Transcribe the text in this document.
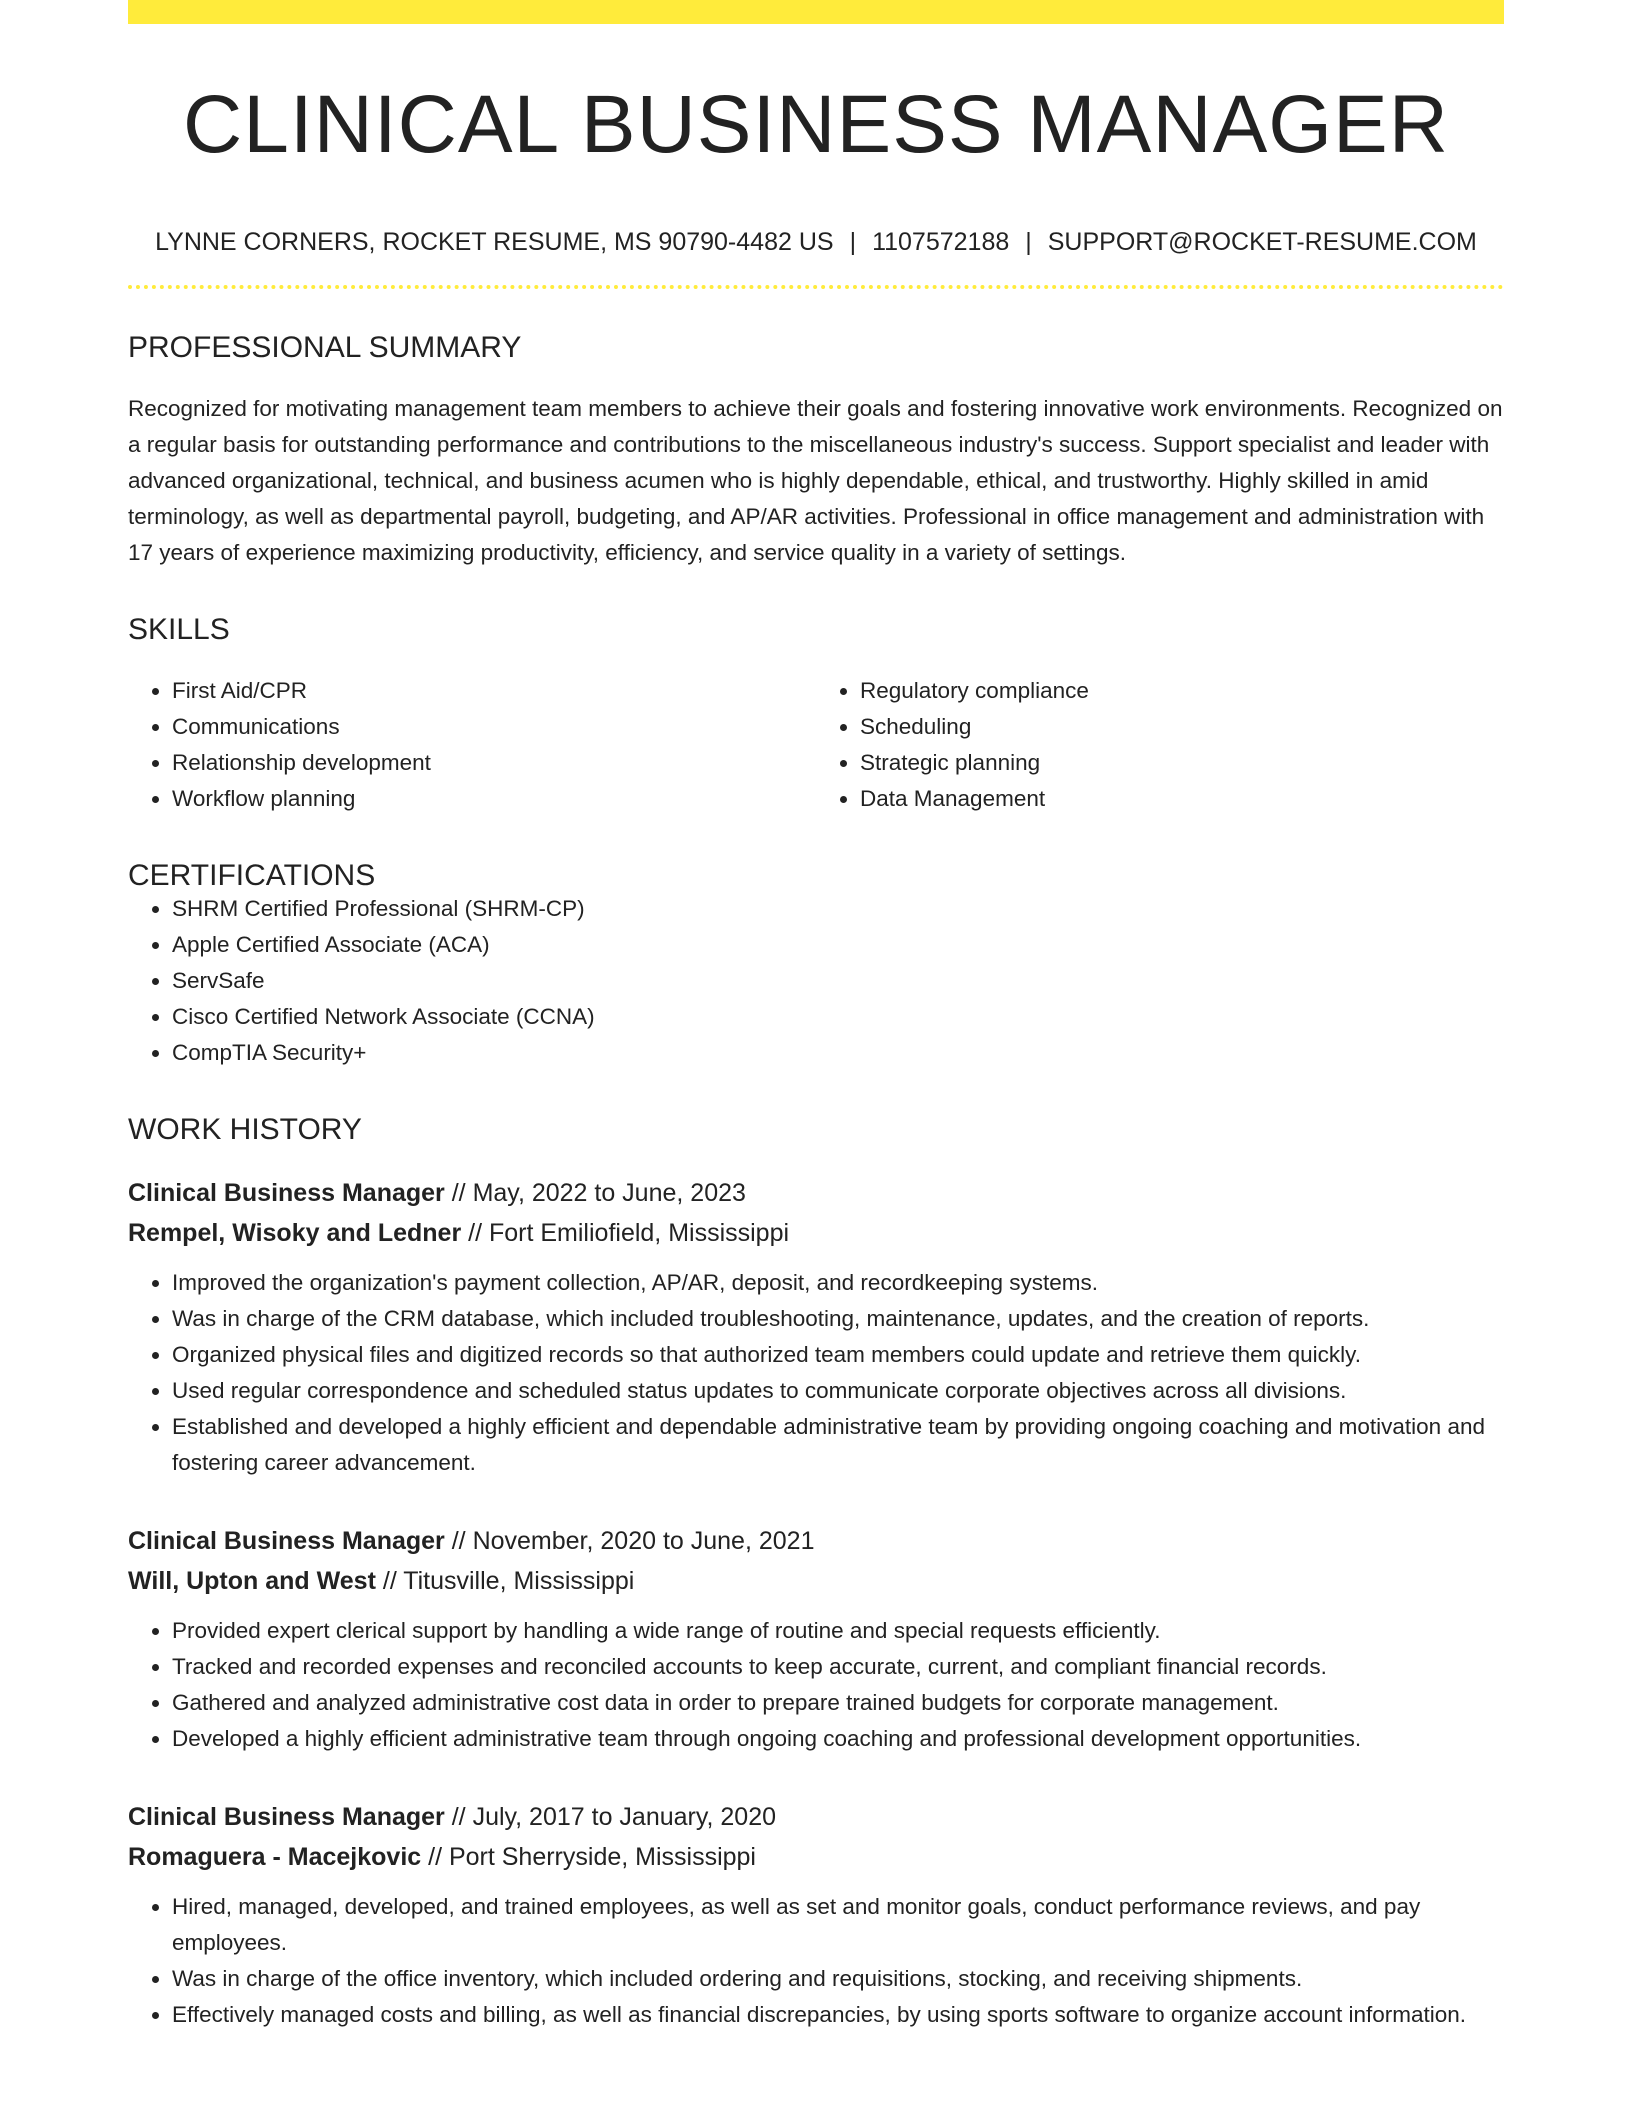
CLINICAL BUSINESS MANAGER
LYNNE CORNERS, ROCKET RESUME, MS 90790-4482 US | 1107572188 | SUPPORT@ROCKET-RESUME.COM
PROFESSIONAL SUMMARY
Recognized for motivating management team members to achieve their goals and fostering innovative work environments. Recognized on a regular basis for outstanding performance and contributions to the miscellaneous industry's success. Support specialist and leader with advanced organizational, technical, and business acumen who is highly dependable, ethical, and trustworthy. Highly skilled in amid terminology, as well as departmental payroll, budgeting, and AP/AR activities. Professional in office management and administration with 17 years of experience maximizing productivity, efficiency, and service quality in a variety of settings.
SKILLS
• First Aid/CPR
• Communications
• Relationship development
• Workflow planning
• Regulatory compliance
• Scheduling
• Strategic planning
• Data Management
CERTIFICATIONS
• SHRM Certified Professional (SHRM-CP)
• Apple Certified Associate (ACA)
• ServSafe
• Cisco Certified Network Associate (CCNA)
• CompTIA Security+
WORK HISTORY
Clinical Business Manager // May, 2022 to June, 2023
Rempel, Wisoky and Ledner // Fort Emiliofield, Mississippi
• Improved the organization's payment collection, AP/AR, deposit, and recordkeeping systems.
• Was in charge of the CRM database, which included troubleshooting, maintenance, updates, and the creation of reports.
• Organized physical files and digitized records so that authorized team members could update and retrieve them quickly.
• Used regular correspondence and scheduled status updates to communicate corporate objectives across all divisions.
• Established and developed a highly efficient and dependable administrative team by providing ongoing coaching and motivation and fostering career advancement.
Clinical Business Manager // November, 2020 to June, 2021
Will, Upton and West // Titusville, Mississippi
• Provided expert clerical support by handling a wide range of routine and special requests efficiently.
• Tracked and recorded expenses and reconciled accounts to keep accurate, current, and compliant financial records.
• Gathered and analyzed administrative cost data in order to prepare trained budgets for corporate management.
• Developed a highly efficient administrative team through ongoing coaching and professional development opportunities.
Clinical Business Manager // July, 2017 to January, 2020
Romaguera - Macejkovic // Port Sherryside, Mississippi
• Hired, managed, developed, and trained employees, as well as set and monitor goals, conduct performance reviews, and pay employees.
• Was in charge of the office inventory, which included ordering and requisitions, stocking, and receiving shipments.
• Effectively managed costs and billing, as well as financial discrepancies, by using sports software to organize account information.
